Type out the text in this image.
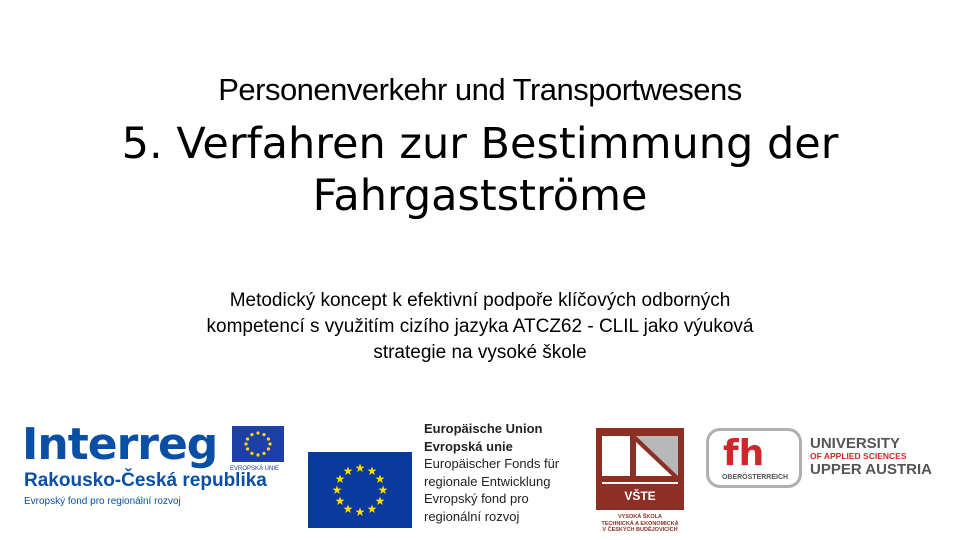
Personenverkehr und Transportwesens
5. Verfahren zur Bestimmung der
Fahrgastströme
Metodický koncept k efektivní podpoře klíčových odborných
kompetencí s využitím cizího jazyka ATCZ62 - CLIL jako výuková
strategie na vysoké škole
Interreg EVROPSKÁ UNIE
Rakousko-Česká republika
Evropský fond pro regionální rozvoj
★ ★
★
★
★
★
★
★
★
★
★
★
Europäische Union
Evropská unie
Europäischer Fonds für
regionale Entwicklung
Evropský fond pro
regionální rozvoj
VŠTE
VYSOKÁ ŠKOLA
TECHNICKÁ A EKONOMICKÁ
V ČESKÝCH BUDĚJOVICÍCH
fh
OBERÖSTERREICH
UNIVERSITY
OF APPLIED SCIENCES
UPPER AUSTRIA
